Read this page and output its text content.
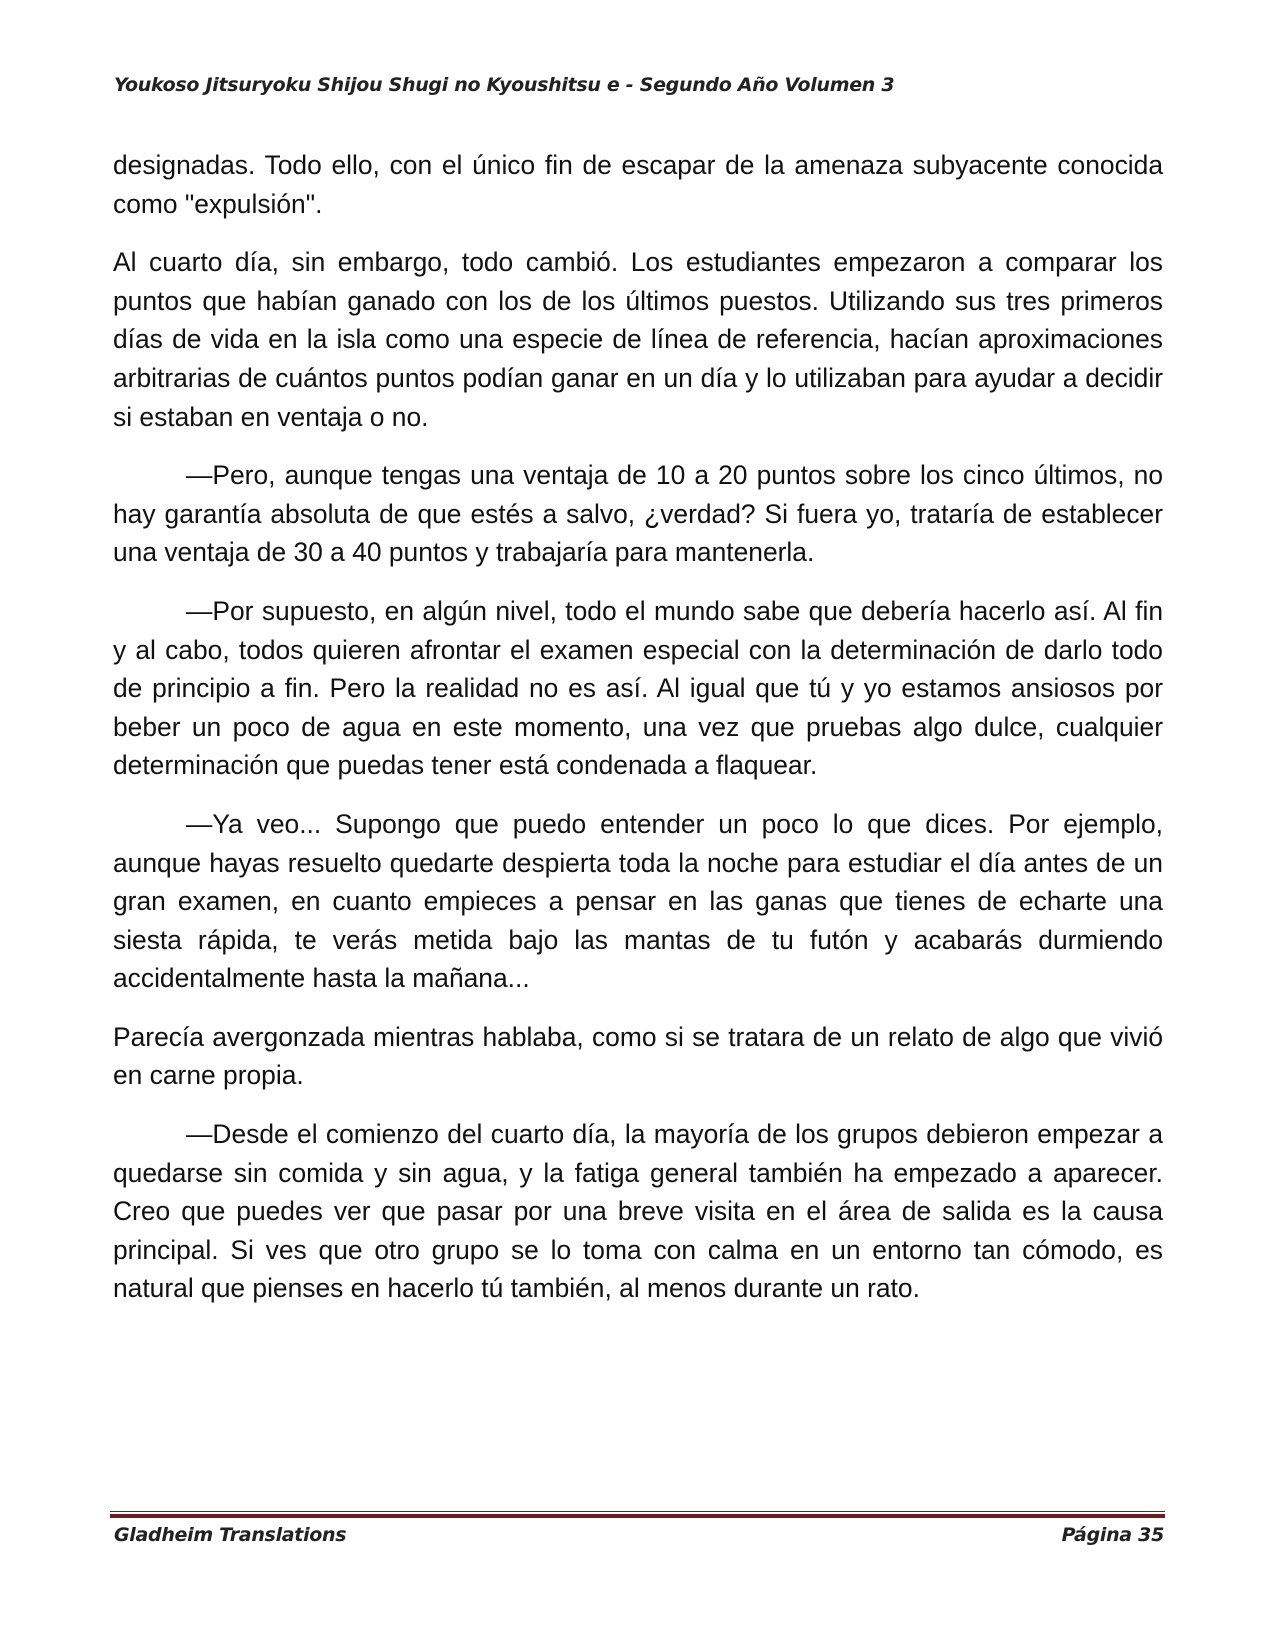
Youkoso Jitsuryoku Shijou Shugi no Kyoushitsu e - Segundo Año Volumen 3

designadas. Todo ello, con el único fin de escapar de la amenaza subyacente conocida como "expulsión".

Al cuarto día, sin embargo, todo cambió. Los estudiantes empezaron a comparar los puntos que habían ganado con los de los últimos puestos. Utilizando sus tres primeros días de vida en la isla como una especie de línea de referencia, hacían aproximaciones arbitrarias de cuántos puntos podían ganar en un día y lo utilizaban para ayudar a decidir si estaban en ventaja o no.

—Pero, aunque tengas una ventaja de 10 a 20 puntos sobre los cinco últimos, no hay garantía absoluta de que estés a salvo, ¿verdad? Si fuera yo, trataría de establecer una ventaja de 30 a 40 puntos y trabajaría para mantenerla.

—Por supuesto, en algún nivel, todo el mundo sabe que debería hacerlo así. Al fin y al cabo, todos quieren afrontar el examen especial con la determinación de darlo todo de principio a fin. Pero la realidad no es así. Al igual que tú y yo estamos ansiosos por beber un poco de agua en este momento, una vez que pruebas algo dulce, cualquier determinación que puedas tener está condenada a flaquear.

—Ya veo... Supongo que puedo entender un poco lo que dices. Por ejemplo, aunque hayas resuelto quedarte despierta toda la noche para estudiar el día antes de un gran examen, en cuanto empieces a pensar en las ganas que tienes de echarte una siesta rápida, te verás metida bajo las mantas de tu futón y acabarás durmiendo accidentalmente hasta la mañana...

Parecía avergonzada mientras hablaba, como si se tratara de un relato de algo que vivió en carne propia.

—Desde el comienzo del cuarto día, la mayoría de los grupos debieron empezar a quedarse sin comida y sin agua, y la fatiga general también ha empezado a aparecer. Creo que puedes ver que pasar por una breve visita en el área de salida es la causa principal. Si ves que otro grupo se lo toma con calma en un entorno tan cómodo, es natural que pienses en hacerlo tú también, al menos durante un rato.

Gladheim Translations	Página 35
